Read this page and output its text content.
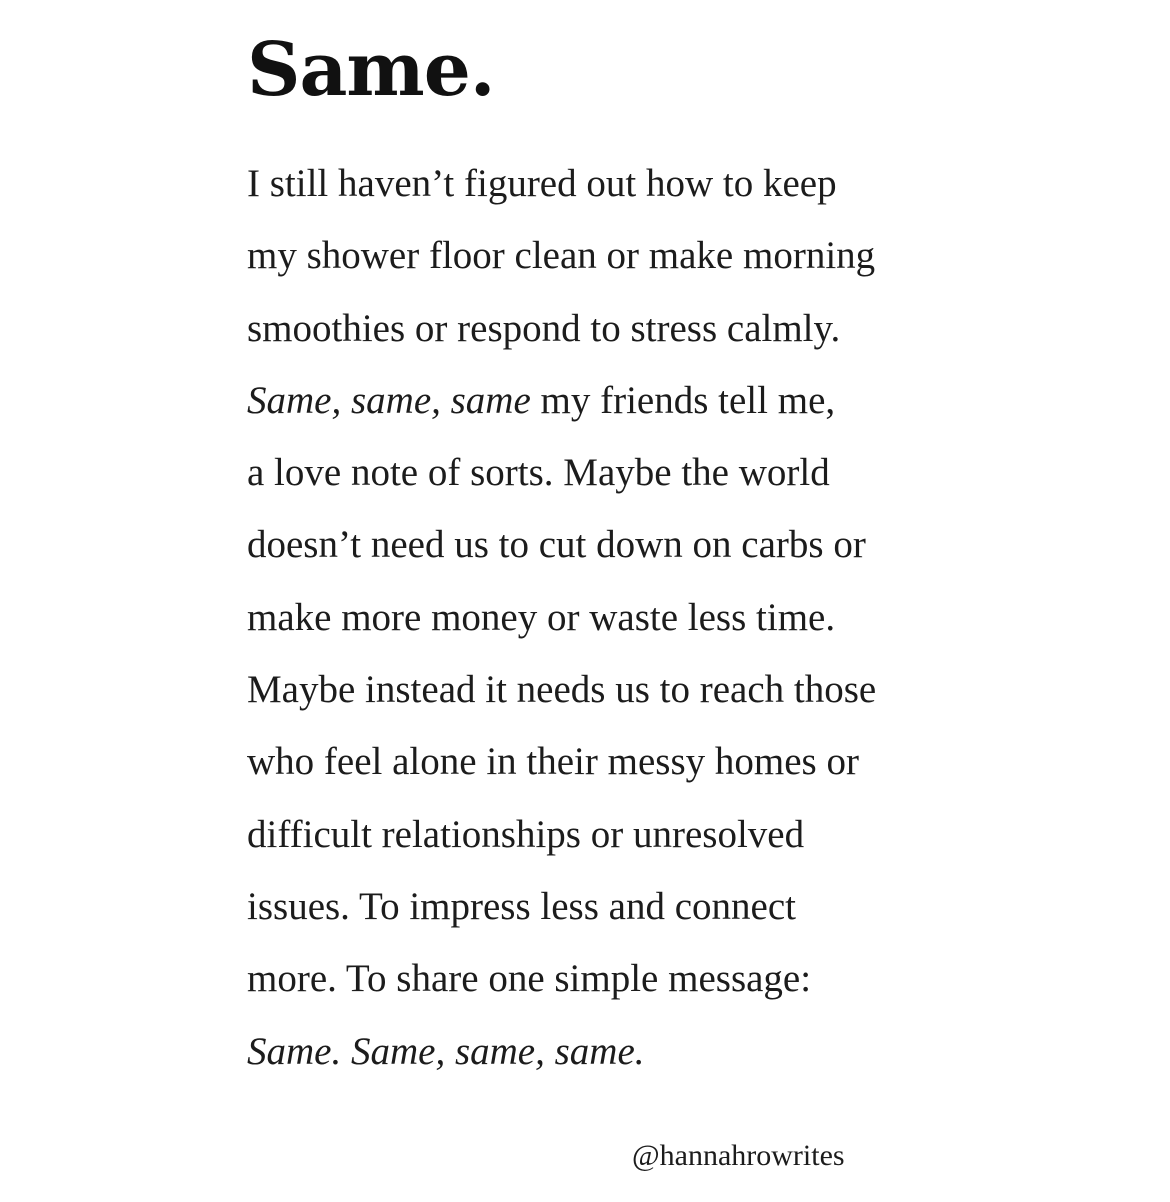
Same.
I still haven’t figured out how to keep
my shower floor clean or make morning
smoothies or respond to stress calmly.
Same, same, same my friends tell me,
a love note of sorts. Maybe the world
doesn’t need us to cut down on carbs or
make more money or waste less time.
Maybe instead it needs us to reach those
who feel alone in their messy homes or
difficult relationships or unresolved
issues. To impress less and connect
more. To share one simple message:
Same. Same, same, same.
@hannahrowrites
